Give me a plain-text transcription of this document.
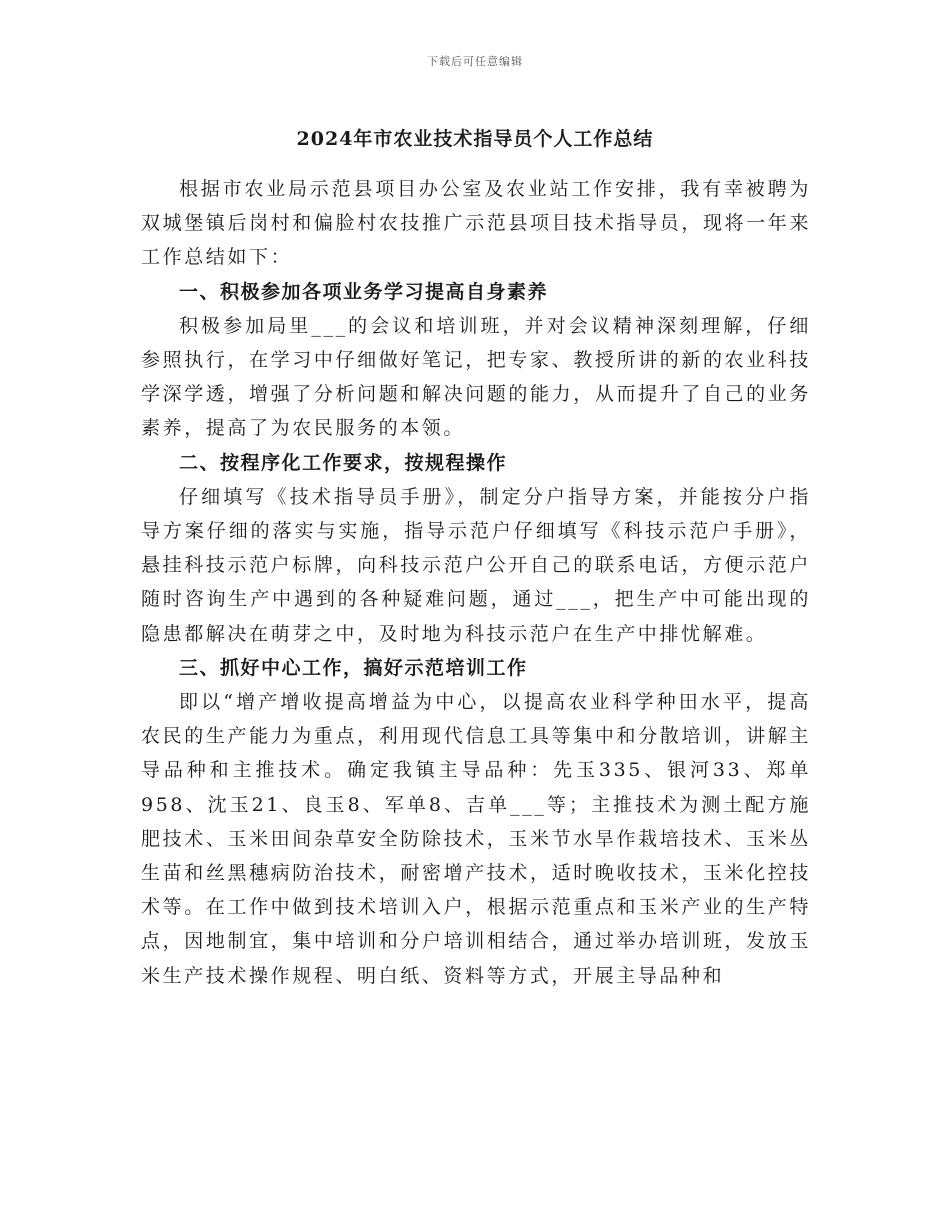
下载后可任意编辑
2024年市农业技术指导员个人工作总结

根据市农业局示范县项目办公室及农业站工作安排，我有幸被聘为双城堡镇后岗村和偏脸村农技推广示范县项目技术指导员，现将一年来工作总结如下：

一、积极参加各项业务学习提高自身素养

积极参加局里___的会议和培训班，并对会议精神深刻理解，仔细参照执行，在学习中仔细做好笔记，把专家、教授所讲的新的农业科技学深学透，增强了分析问题和解决问题的能力，从而提升了自己的业务素养，提高了为农民服务的本领。

二、按程序化工作要求，按规程操作

仔细填写《技术指导员手册》，制定分户指导方案，并能按分户指导方案仔细的落实与实施，指导示范户仔细填写《科技示范户手册》，悬挂科技示范户标牌，向科技示范户公开自己的联系电话，方便示范户随时咨询生产中遇到的各种疑难问题，通过___，把生产中可能出现的隐患都解决在萌芽之中，及时地为科技示范户在生产中排忧解难。

三、抓好中心工作，搞好示范培训工作

即以“增产增收提高增益为中心，以提高农业科学种田水平，提高农民的生产能力为重点，利用现代信息工具等集中和分散培训，讲解主导品种和主推技术。确定我镇主导品种：先玉335、银河33、郑单958、沈玉21、良玉8、军单8、吉单___等；主推技术为测土配方施肥技术、玉米田间杂草安全防除技术，玉米节水旱作栽培技术、玉米丛生苗和丝黑穗病防治技术，耐密增产技术，适时晚收技术，玉米化控技术等。在工作中做到技术培训入户，根据示范重点和玉米产业的生产特点，因地制宜，集中培训和分户培训相结合，通过举办培训班，发放玉米生产技术操作规程、明白纸、资料等方式，开展主导品种和
